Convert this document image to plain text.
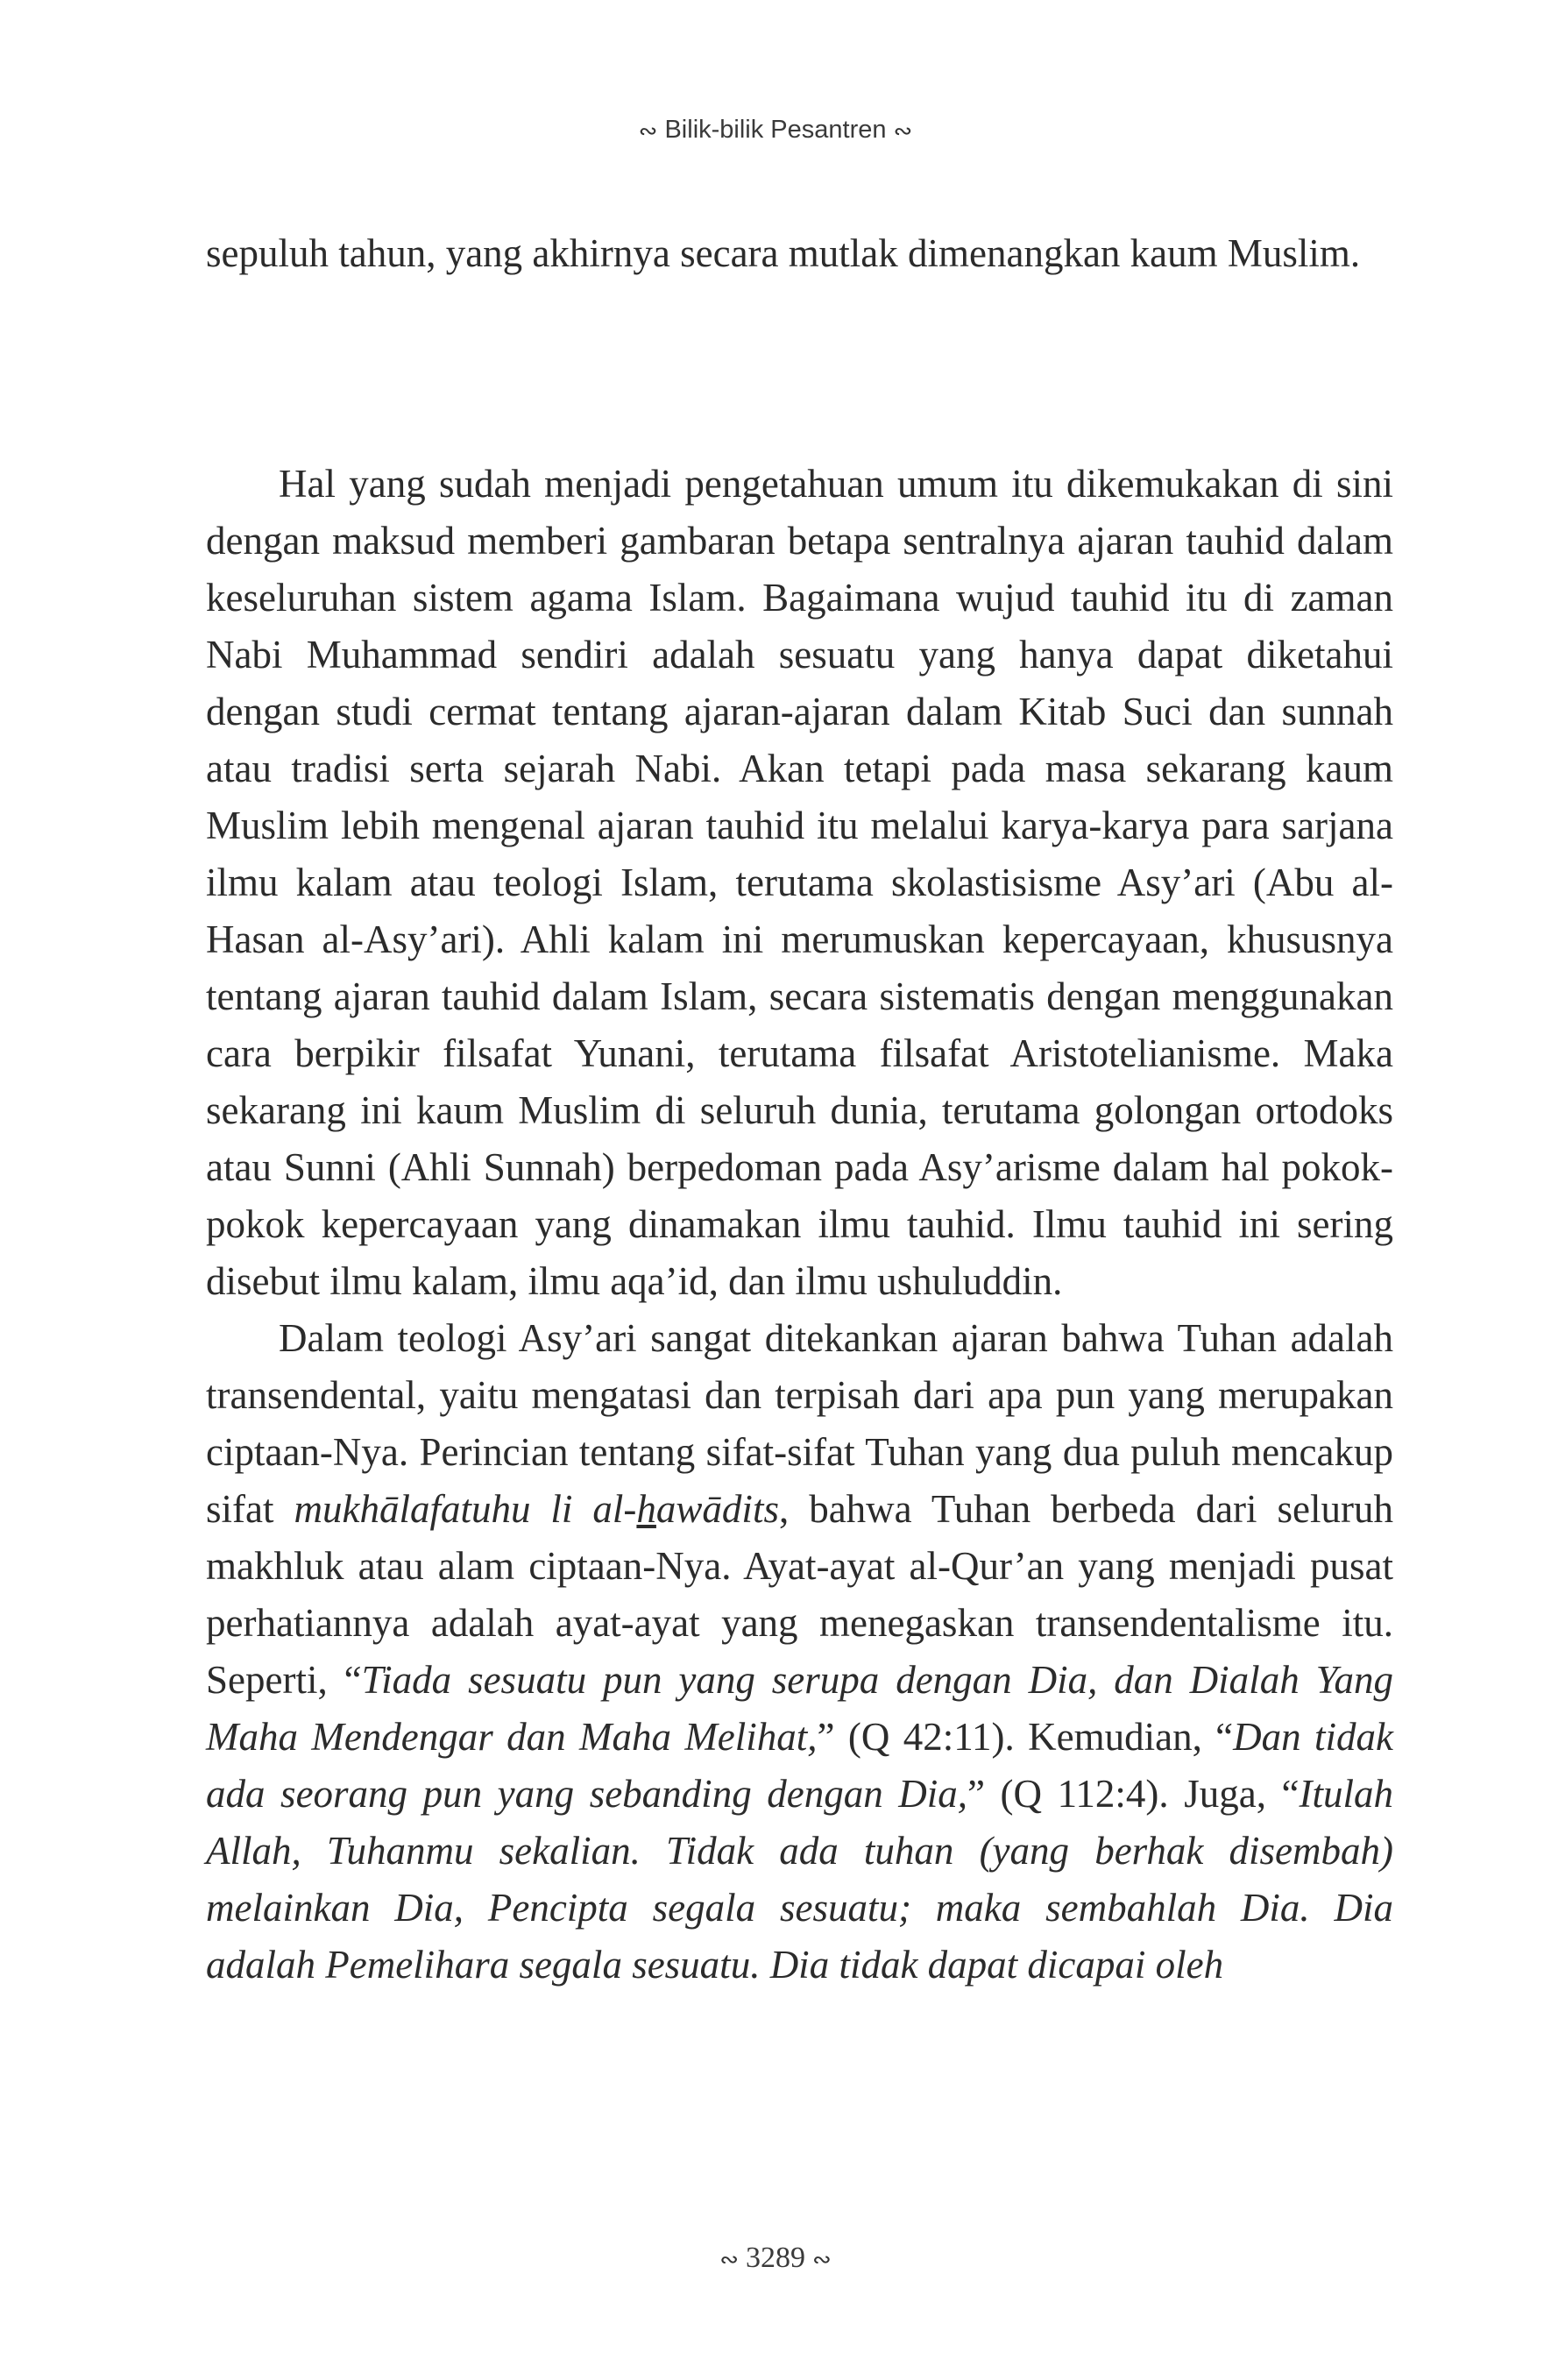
∾ Bilik-bilik Pesantren ∾

sepuluh tahun, yang akhirnya secara mutlak dimenangkan kaum Muslim.

Hal yang sudah menjadi pengetahuan umum itu dikemukakan di sini dengan maksud memberi gambaran betapa sentralnya ajaran tauhid dalam keseluruhan sistem agama Islam. Bagaimana wujud tauhid itu di zaman Nabi Muhammad sendiri adalah sesuatu yang hanya dapat diketahui dengan studi cermat tentang ajaran-ajaran dalam Kitab Suci dan sunnah atau tradisi serta sejarah Nabi. Akan tetapi pada masa sekarang kaum Muslim lebih mengenal ajaran tauhid itu melalui karya-karya para sarjana ilmu kalam atau teologi Islam, terutama skolastisisme Asy’ari (Abu al-Hasan al-Asy’ari). Ahli kalam ini merumuskan kepercayaan, khususnya tentang ajaran tauhid dalam Islam, secara sistematis dengan menggunakan cara berpikir filsafat Yunani, terutama filsafat Aristotelianisme. Maka sekarang ini kaum Muslim di seluruh dunia, terutama golongan ortodoks atau Sunni (Ahli Sunnah) berpedoman pada Asy’arisme dalam hal pokok-pokok kepercayaan yang dinamakan ilmu tauhid. Ilmu tauhid ini sering disebut ilmu kalam, ilmu aqa’id, dan ilmu ushuluddin.

Dalam teologi Asy’ari sangat ditekankan ajaran bahwa Tuhan adalah transendental, yaitu mengatasi dan terpisah dari apa pun yang merupakan ciptaan-Nya. Perincian tentang sifat-sifat Tuhan yang dua puluh mencakup sifat mukhālafatuhu li al-hawādits, bahwa Tuhan berbeda dari seluruh makhluk atau alam ciptaan-Nya. Ayat-ayat al-Qur’an yang menjadi pusat perhatiannya adalah ayat-ayat yang menegaskan transendentalisme itu. Seperti, “Tiada sesuatu pun yang serupa dengan Dia, dan Dialah Yang Maha Mendengar dan Maha Melihat,” (Q 42:11). Kemudian, “Dan tidak ada seorang pun yang sebanding dengan Dia,” (Q 112:4). Juga, “Itulah Allah, Tuhanmu sekalian. Tidak ada tuhan (yang berhak disembah) melainkan Dia, Pencipta segala sesuatu; maka sembahlah Dia. Dia adalah Pemelihara segala sesuatu. Dia tidak dapat dicapai oleh

∾ 3289 ∾
